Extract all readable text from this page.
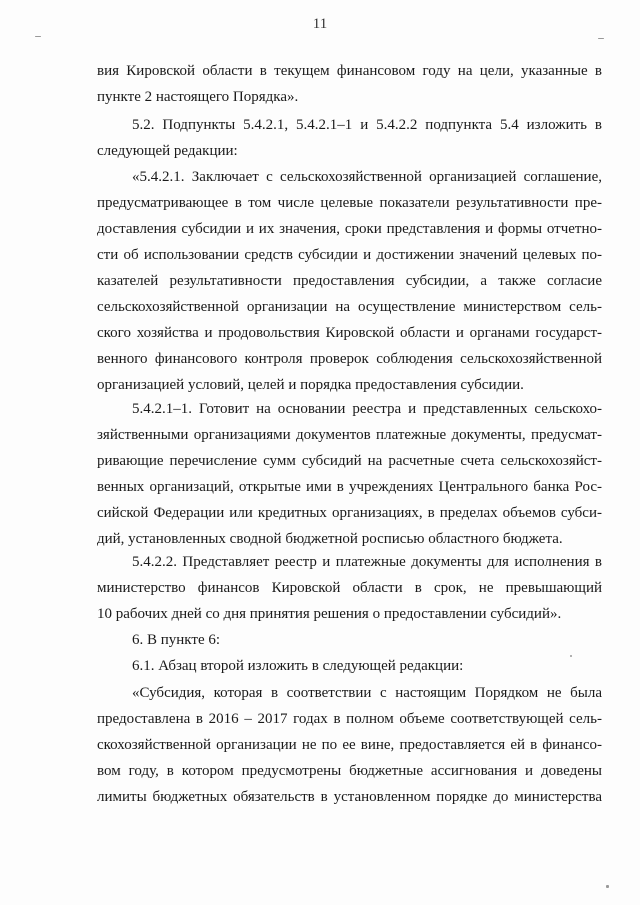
11
вия Кировской области в текущем финансовом году на цели, указанные в
пункте 2 настоящего Порядка».
5.2. Подпункты 5.4.2.1, 5.4.2.1–1 и 5.4.2.2 подпункта 5.4 изложить в
следующей редакции:
«5.4.2.1. Заключает с сельскохозяйственной организацией соглашение,
предусматривающее в том числе целевые показатели результативности пре-
доставления субсидии и их значения, сроки представления и формы отчетно-
сти об использовании средств субсидии и достижении значений целевых по-
казателей результативности предоставления субсидии, а также согласие
сельскохозяйственной организации на осуществление министерством сель-
ского хозяйства и продовольствия Кировской области и органами государст-
венного финансового контроля проверок соблюдения сельскохозяйственной
организацией условий, целей и порядка предоставления субсидии.
5.4.2.1–1. Готовит на основании реестра и представленных сельскохо-
зяйственными организациями документов платежные документы, предусмат-
ривающие перечисление сумм субсидий на расчетные счета сельскохозяйст-
венных организаций, открытые ими в учреждениях Центрального банка Рос-
сийской Федерации или кредитных организациях, в пределах объемов субси-
дий, установленных сводной бюджетной росписью областного бюджета.
5.4.2.2. Представляет реестр и платежные документы для исполнения в
министерство финансов Кировской области в срок, не превышающий
10 рабочих дней со дня принятия решения о предоставлении субсидий».
6. В пункте 6:
6.1. Абзац второй изложить в следующей редакции:
«Субсидия, которая в соответствии с настоящим Порядком не была
предоставлена в 2016 – 2017 годах в полном объеме соответствующей сель-
скохозяйственной организации не по ее вине, предоставляется ей в финансо-
вом году, в котором предусмотрены бюджетные ассигнования и доведены
лимиты бюджетных обязательств в установленном порядке до министерства
